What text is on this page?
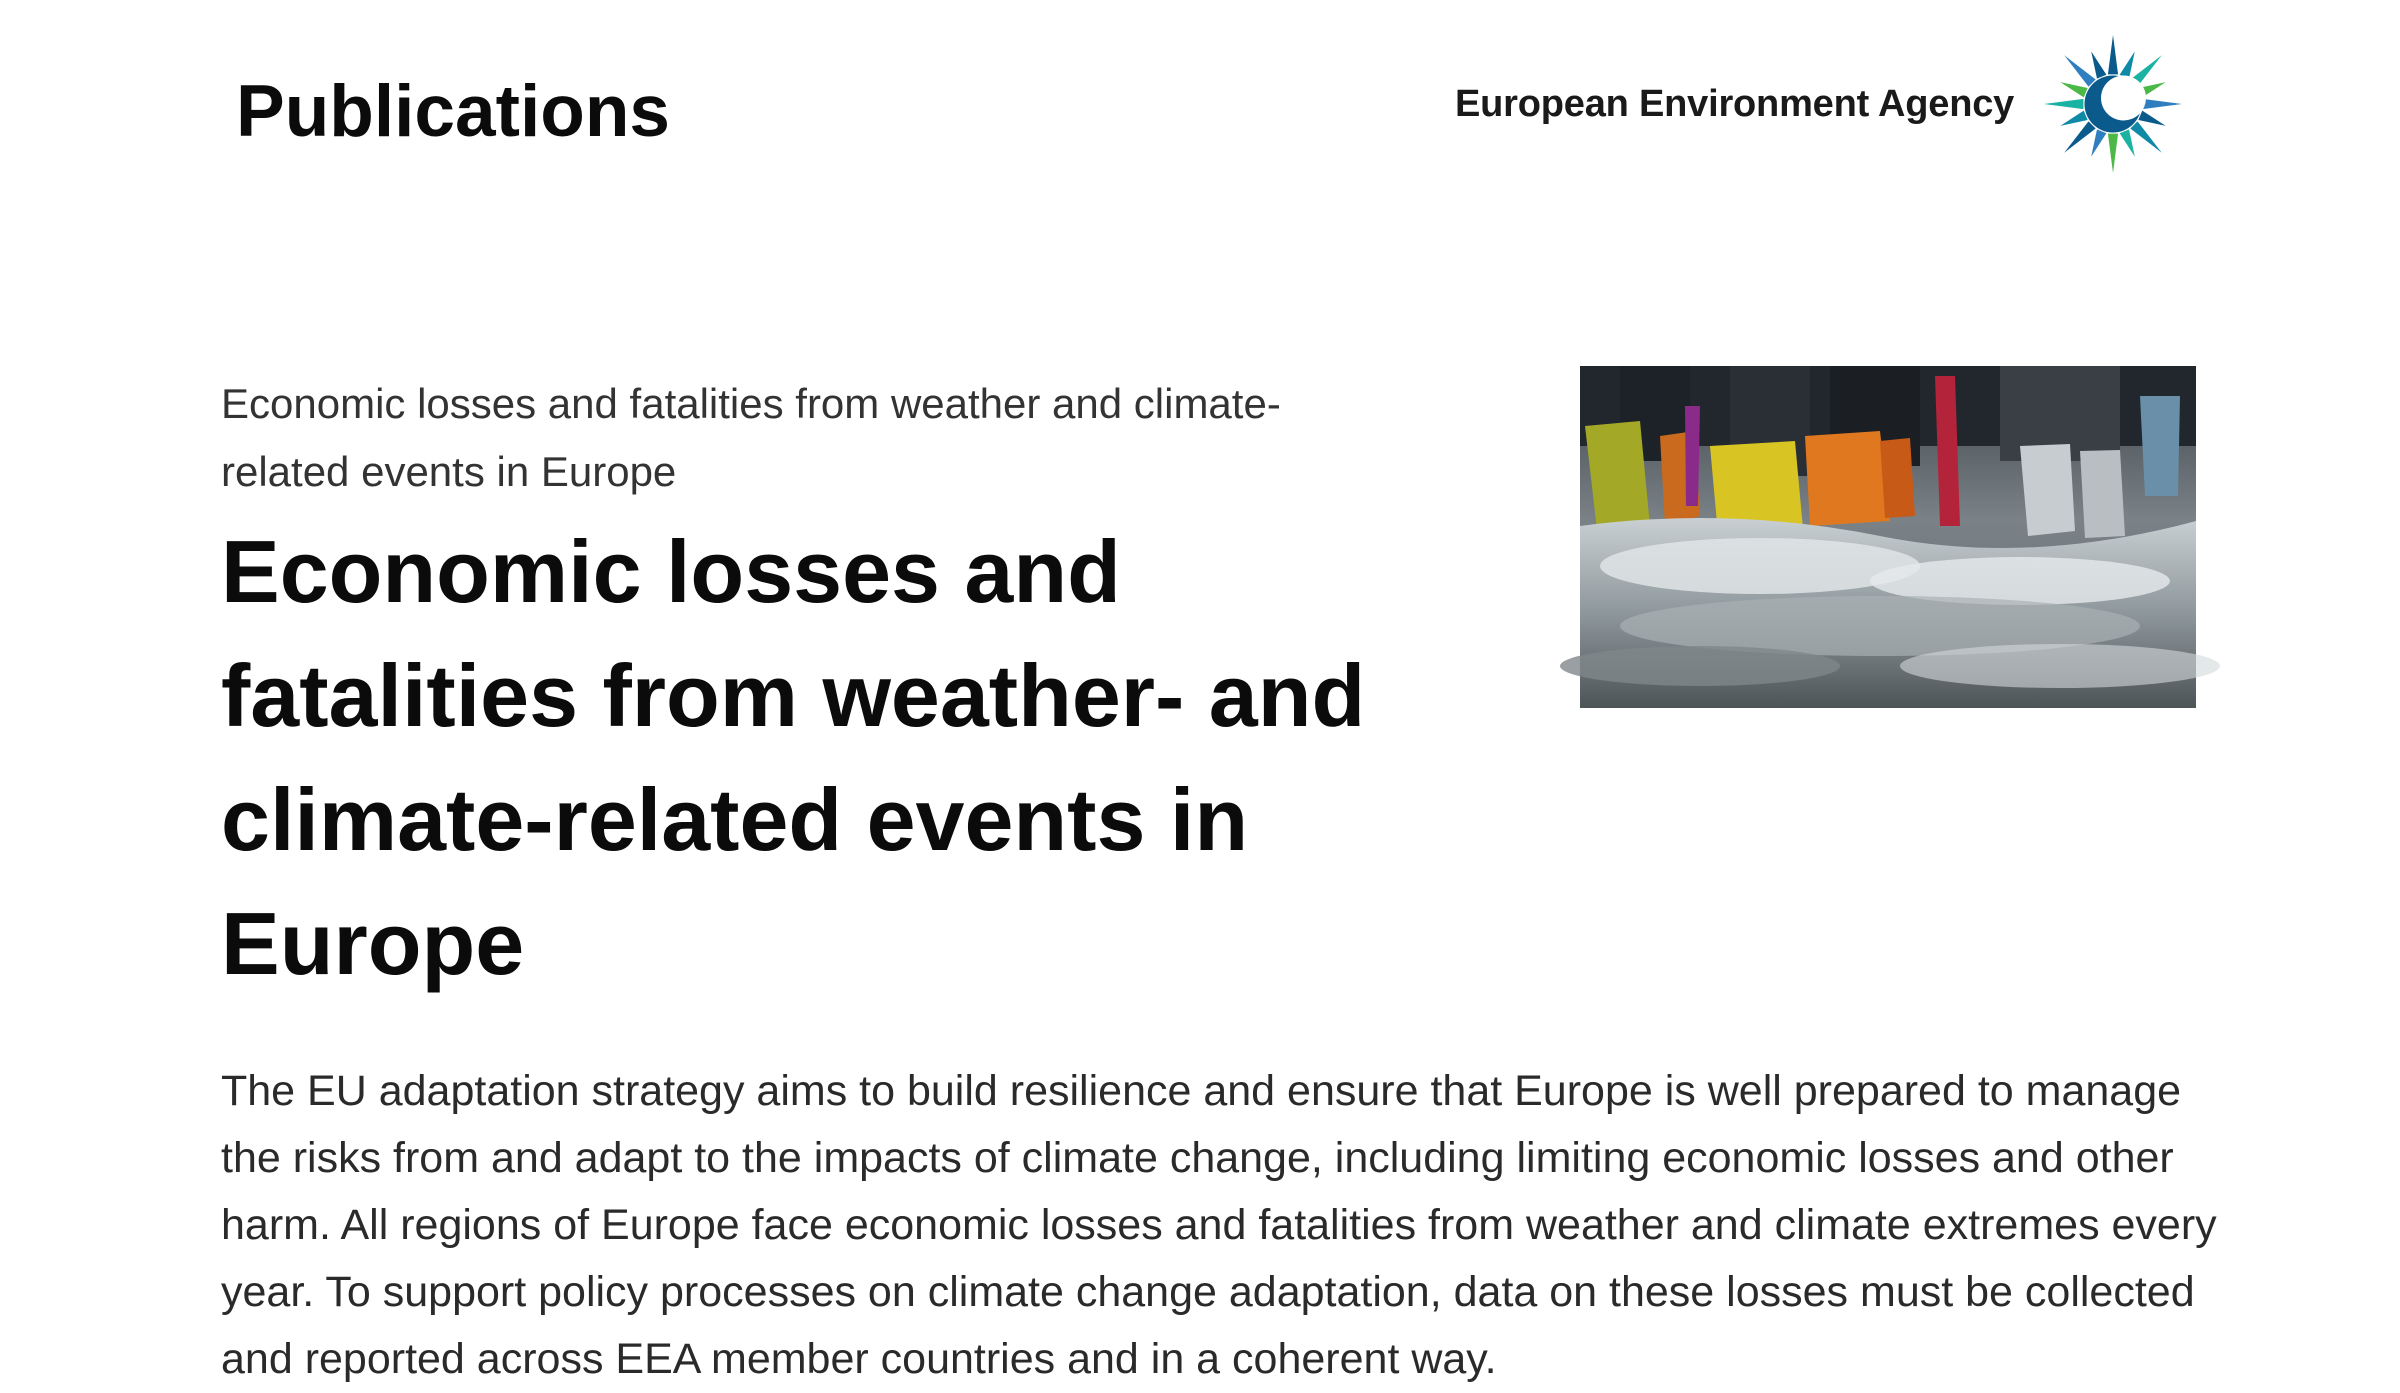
Publications	European Environment Agency

Economic losses and fatalities from weather and climate-related events in Europe

Economic losses and fatalities from weather- and climate-related events in Europe

The EU adaptation strategy aims to build resilience and ensure that Europe is well prepared to manage the risks from and adapt to the impacts of climate change, including limiting economic losses and other harm. All regions of Europe face economic losses and fatalities from weather and climate extremes every year. To support policy processes on climate change adaptation, data on these losses must be collected and reported across EEA member countries and in a coherent way.
